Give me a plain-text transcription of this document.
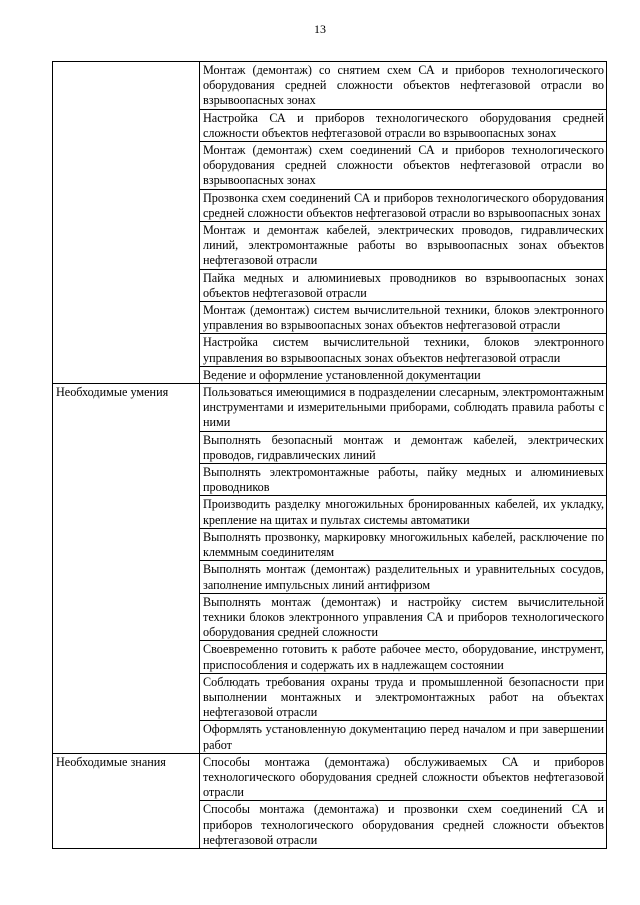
13
	Монтаж (демонтаж) со снятием схем СА и приборов технологического оборудования средней сложности объектов нефтегазовой отрасли во взрывоопасных зонах
	Настройка СА и приборов технологического оборудования средней сложности объектов нефтегазовой отрасли во взрывоопасных зонах
	Монтаж (демонтаж) схем соединений СА и приборов технологического оборудования средней сложности объектов нефтегазовой отрасли во взрывоопасных зонах
	Прозвонка схем соединений СА и приборов технологического оборудования средней сложности объектов нефтегазовой отрасли во взрывоопасных зонах
	Монтаж и демонтаж кабелей, электрических проводов, гидравлических линий, электромонтажные работы во взрывоопасных зонах объектов нефтегазовой отрасли
	Пайка медных и алюминиевых проводников во взрывоопасных зонах объектов нефтегазовой отрасли
	Монтаж (демонтаж) систем вычислительной техники, блоков электронного управления во взрывоопасных зонах объектов нефтегазовой отрасли
	Настройка систем вычислительной техники, блоков электронного управления во взрывоопасных зонах объектов нефтегазовой отрасли
	Ведение и оформление установленной документации

Необходимые умения	Пользоваться имеющимися в подразделении слесарным, электромонтажным инструментами и измерительными приборами, соблюдать правила работы с ними
	Выполнять безопасный монтаж и демонтаж кабелей, электрических проводов, гидравлических линий
	Выполнять электромонтажные работы, пайку медных и алюминиевых проводников
	Производить разделку многожильных бронированных кабелей, их укладку, крепление на щитах и пультах системы автоматики
	Выполнять прозвонку, маркировку многожильных кабелей, расключение по клеммным соединителям
	Выполнять монтаж (демонтаж) разделительных и уравнительных сосудов, заполнение импульсных линий антифризом
	Выполнять монтаж (демонтаж) и настройку систем вычислительной техники блоков электронного управления СА и приборов технологического оборудования средней сложности
	Своевременно готовить к работе рабочее место, оборудование, инструмент, приспособления и содержать их в надлежащем состоянии
	Соблюдать требования охраны труда и промышленной безопасности при выполнении монтажных и электромонтажных работ на объектах нефтегазовой отрасли
	Оформлять установленную документацию перед началом и при завершении работ

Необходимые знания	Способы монтажа (демонтажа) обслуживаемых СА и приборов технологического оборудования средней сложности объектов нефтегазовой отрасли
	Способы монтажа (демонтажа) и прозвонки схем соединений СА и приборов технологического оборудования средней сложности объектов нефтегазовой отрасли
